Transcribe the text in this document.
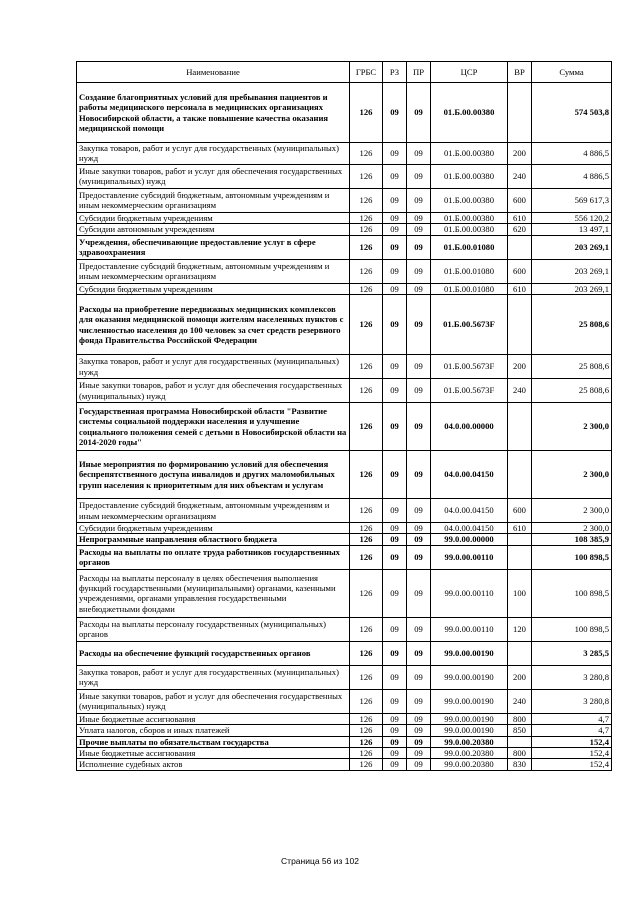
Наименование	ГРБС	РЗ	ПР	ЦСР	ВР	Сумма
Создание благоприятных условий для пребывания пациентов и работы медицинского персонала в медицинских организациях Новосибирской области, а также повышение качества оказания медицинской помощи	126	09	09	01.Б.00.00380		574 503,8
Закупка товаров, работ и услуг для государственных (муниципальных) нужд	126	09	09	01.Б.00.00380	200	4 886,5
Иные закупки товаров, работ и услуг для обеспечения государственных (муниципальных) нужд	126	09	09	01.Б.00.00380	240	4 886,5
Предоставление субсидий бюджетным, автономным учреждениям и иным некоммерческим организациям	126	09	09	01.Б.00.00380	600	569 617,3
Субсидии бюджетным учреждениям	126	09	09	01.Б.00.00380	610	556 120,2
Субсидии автономным учреждениям	126	09	09	01.Б.00.00380	620	13 497,1
Учреждения, обеспечивающие предоставление услуг в сфере здравоохранения	126	09	09	01.Б.00.01080		203 269,1
Предоставление субсидий бюджетным, автономным учреждениям и иным некоммерческим организациям	126	09	09	01.Б.00.01080	600	203 269,1
Субсидии бюджетным учреждениям	126	09	09	01.Б.00.01080	610	203 269,1
Расходы на приобретение передвижных медицинских комплексов для оказания медицинской помощи жителям населенных пунктов с численностью населения до 100 человек за счет средств резервного фонда Правительства Российской Федерации	126	09	09	01.Б.00.5673F		25 808,6
Закупка товаров, работ и услуг для государственных (муниципальных) нужд	126	09	09	01.Б.00.5673F	200	25 808,6
Иные закупки товаров, работ и услуг для обеспечения государственных (муниципальных) нужд	126	09	09	01.Б.00.5673F	240	25 808,6
Государственная программа Новосибирской области "Развитие системы социальной поддержки населения и улучшение социального положения семей с детьми в Новосибирской области на 2014-2020 годы"	126	09	09	04.0.00.00000		2 300,0
Иные мероприятия по формированию условий для обеспечения беспрепятственного доступа инвалидов и других маломобильных групп населения к приоритетным для них объектам и услугам	126	09	09	04.0.00.04150		2 300,0
Предоставление субсидий бюджетным, автономным учреждениям и иным некоммерческим организациям	126	09	09	04.0.00.04150	600	2 300,0
Субсидии бюджетным учреждениям	126	09	09	04.0.00.04150	610	2 300,0
Непрограммные направления областного бюджета	126	09	09	99.0.00.00000		108 385,9
Расходы на выплаты по оплате труда работников государственных органов	126	09	09	99.0.00.00110		100 898,5
Расходы на выплаты персоналу в целях обеспечения выполнения функций государственными (муниципальными) органами, казенными учреждениями, органами управления государственными внебюджетными фондами	126	09	09	99.0.00.00110	100	100 898,5
Расходы на выплаты персоналу государственных (муниципальных) органов	126	09	09	99.0.00.00110	120	100 898,5
Расходы на обеспечение функций государственных органов	126	09	09	99.0.00.00190		3 285,5
Закупка товаров, работ и услуг для государственных (муниципальных) нужд	126	09	09	99.0.00.00190	200	3 280,8
Иные закупки товаров, работ и услуг для обеспечения государственных (муниципальных) нужд	126	09	09	99.0.00.00190	240	3 280,8
Иные бюджетные ассигнования	126	09	09	99.0.00.00190	800	4,7
Уплата налогов, сборов и иных платежей	126	09	09	99.0.00.00190	850	4,7
Прочие выплаты по обязательствам государства	126	09	09	99.0.00.20380		152,4
Иные бюджетные ассигнования	126	09	09	99.0.00.20380	800	152,4
Исполнение судебных актов	126	09	09	99.0.00.20380	830	152,4
Страница 56 из 102
